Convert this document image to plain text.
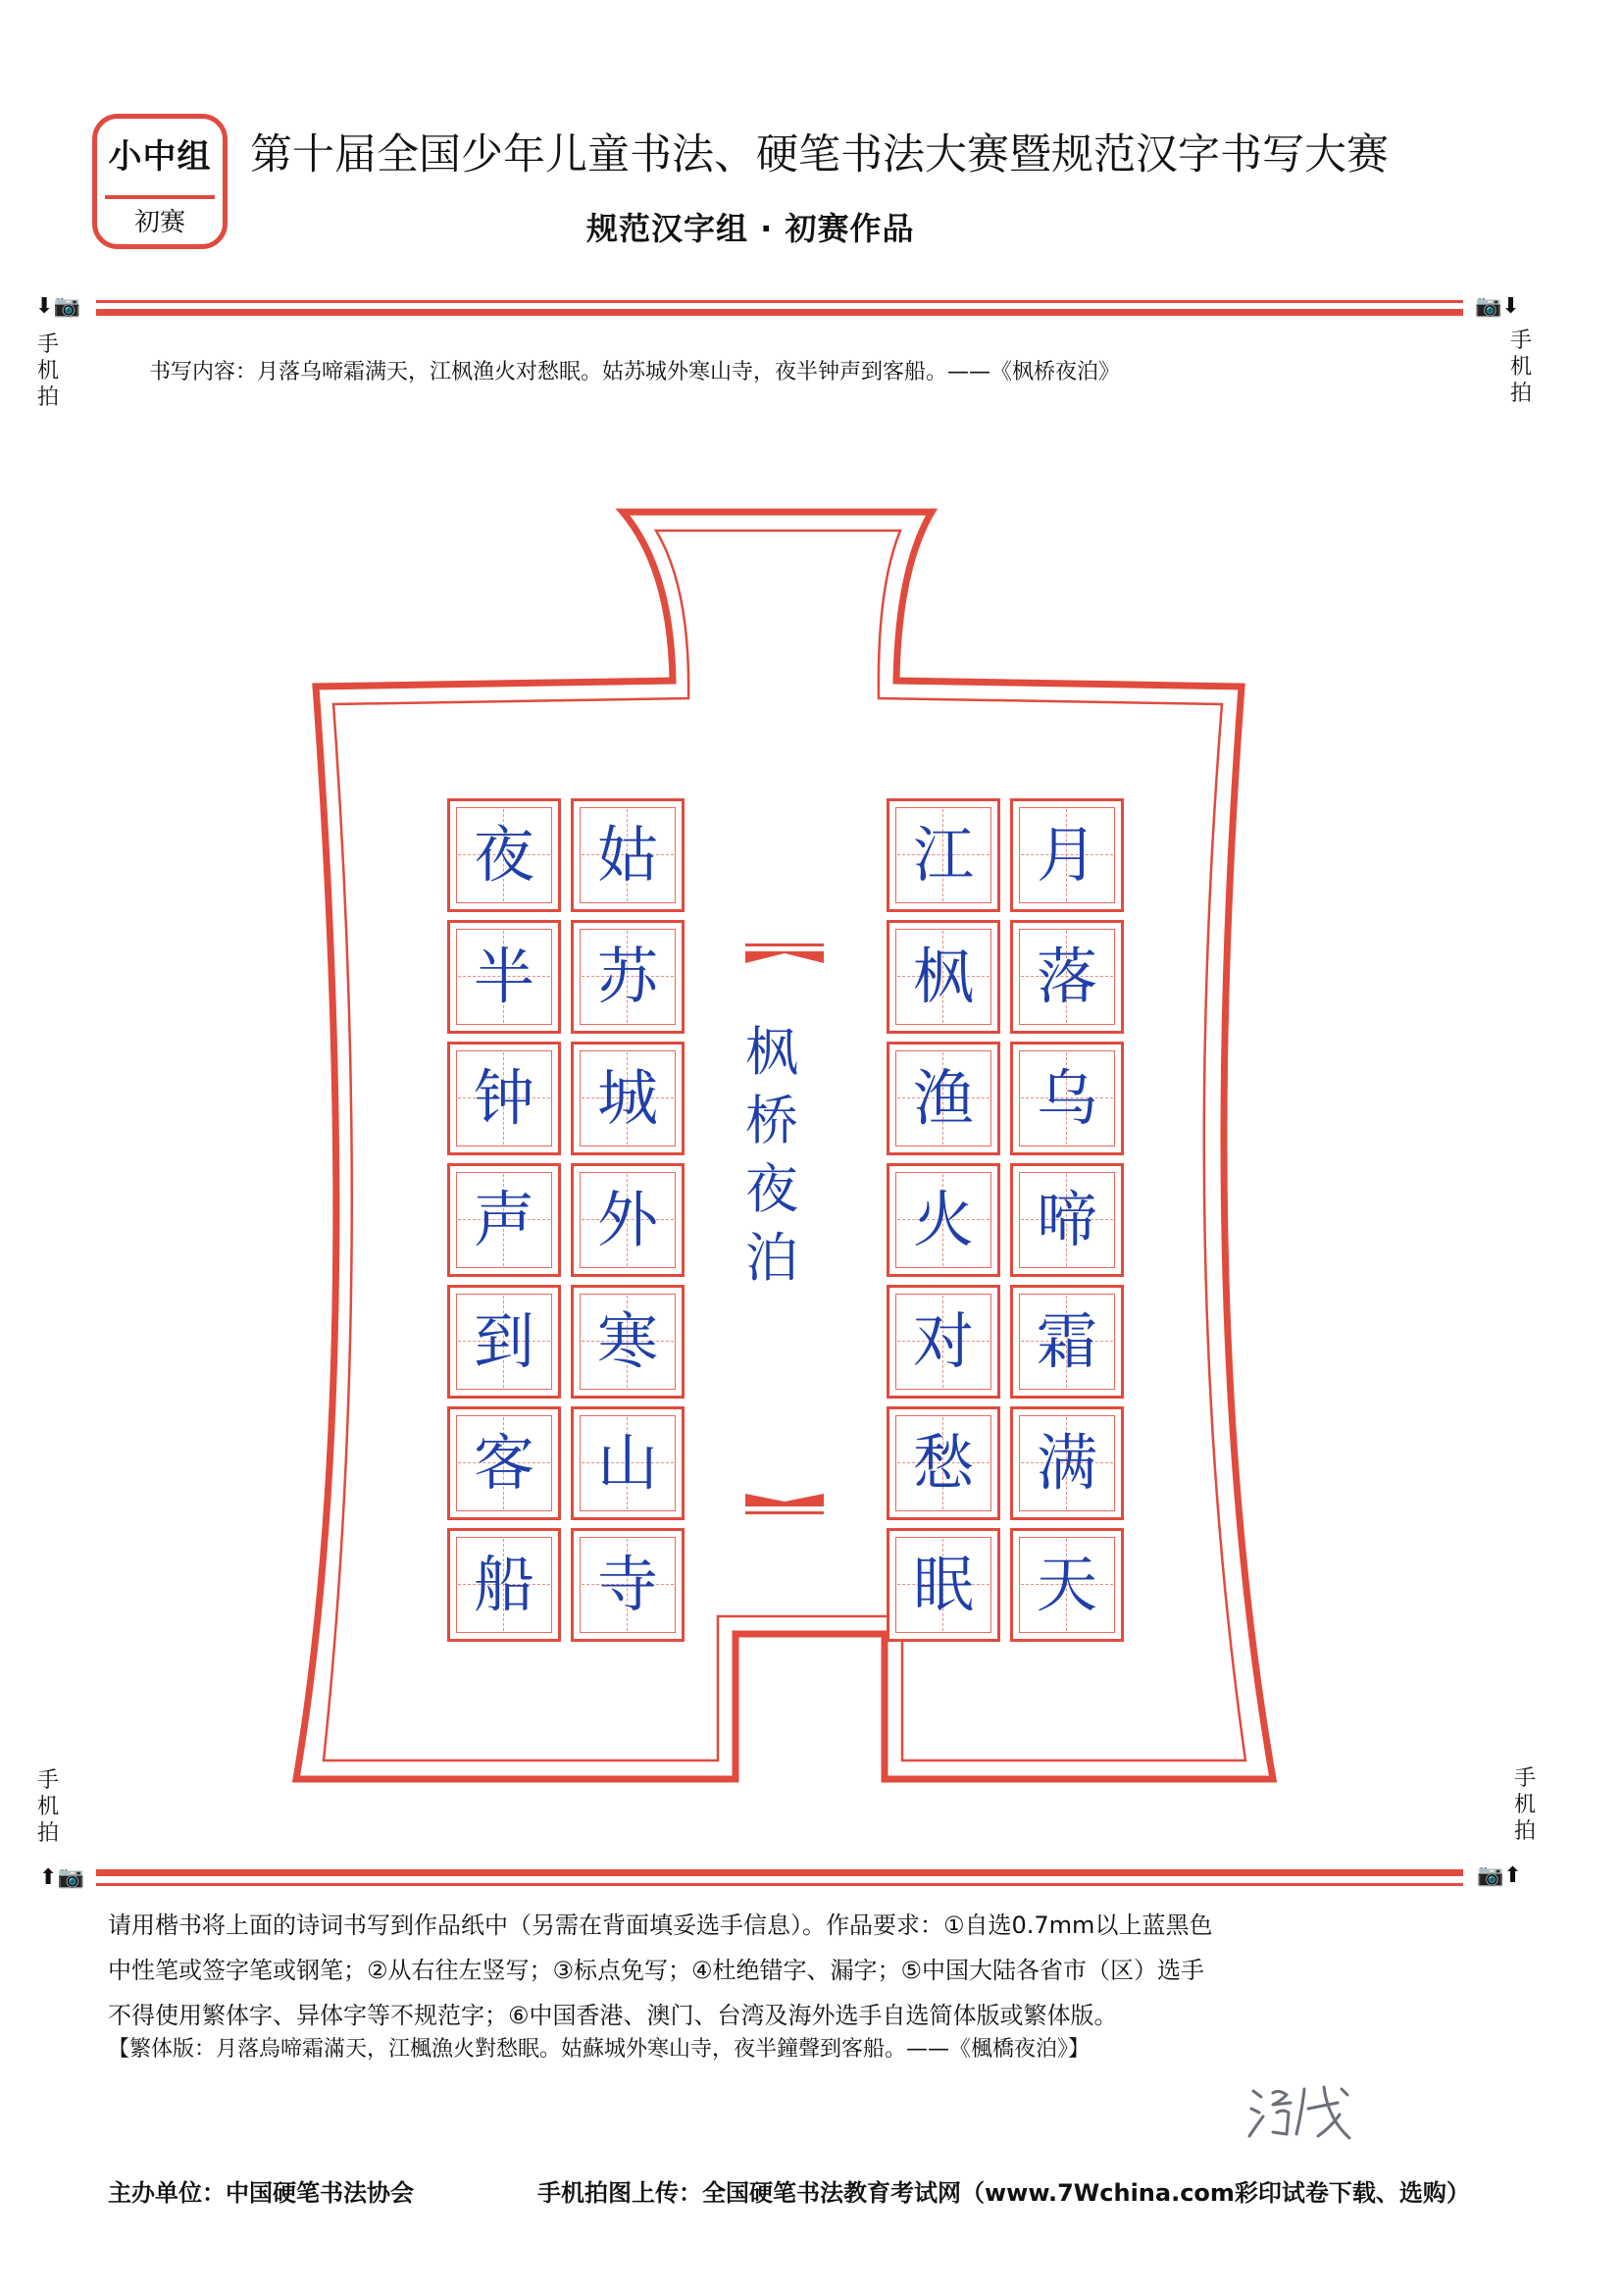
小中组
初赛
第十届全国少年儿童书法、硬笔书法大赛暨规范汉字书写大赛
规范汉字组 · 初赛作品
⬇📷	📷⬇
手机拍
手机拍
书写内容：月落乌啼霜满天，江枫渔火对愁眠。姑苏城外寒山寺，夜半钟声到客船。——《枫桥夜泊》
月
落
乌
啼
霜
满
天
江
枫
渔
火
对
愁
眠
姑
苏
城
外
寒
山
寺
夜
半
钟
声
到
客
船
枫
桥
夜
泊
手机拍
手机拍
⬆📷	📷⬆

请用楷书将上面的诗词书写到作品纸中（另需在背面填妥选手信息）。作品要求：①自选0.7mm以上蓝黑色

中性笔或签字笔或钢笔；②从右往左竖写；③标点免写；④杜绝错字、漏字；⑤中国大陆各省市（区）选手

不得使用繁体字、异体字等不规范字；⑥中国香港、澳门、台湾及海外选手自选简体版或繁体版。

【繁体版：月落烏啼霜滿天，江楓漁火對愁眠。姑蘇城外寒山寺，夜半鐘聲到客船。——《楓橋夜泊》】
主办单位：中国硬笔书法协会	手机拍图上传：全国硬笔书法教育考试网（www.7Wchina.com彩印试卷下载、选购）
